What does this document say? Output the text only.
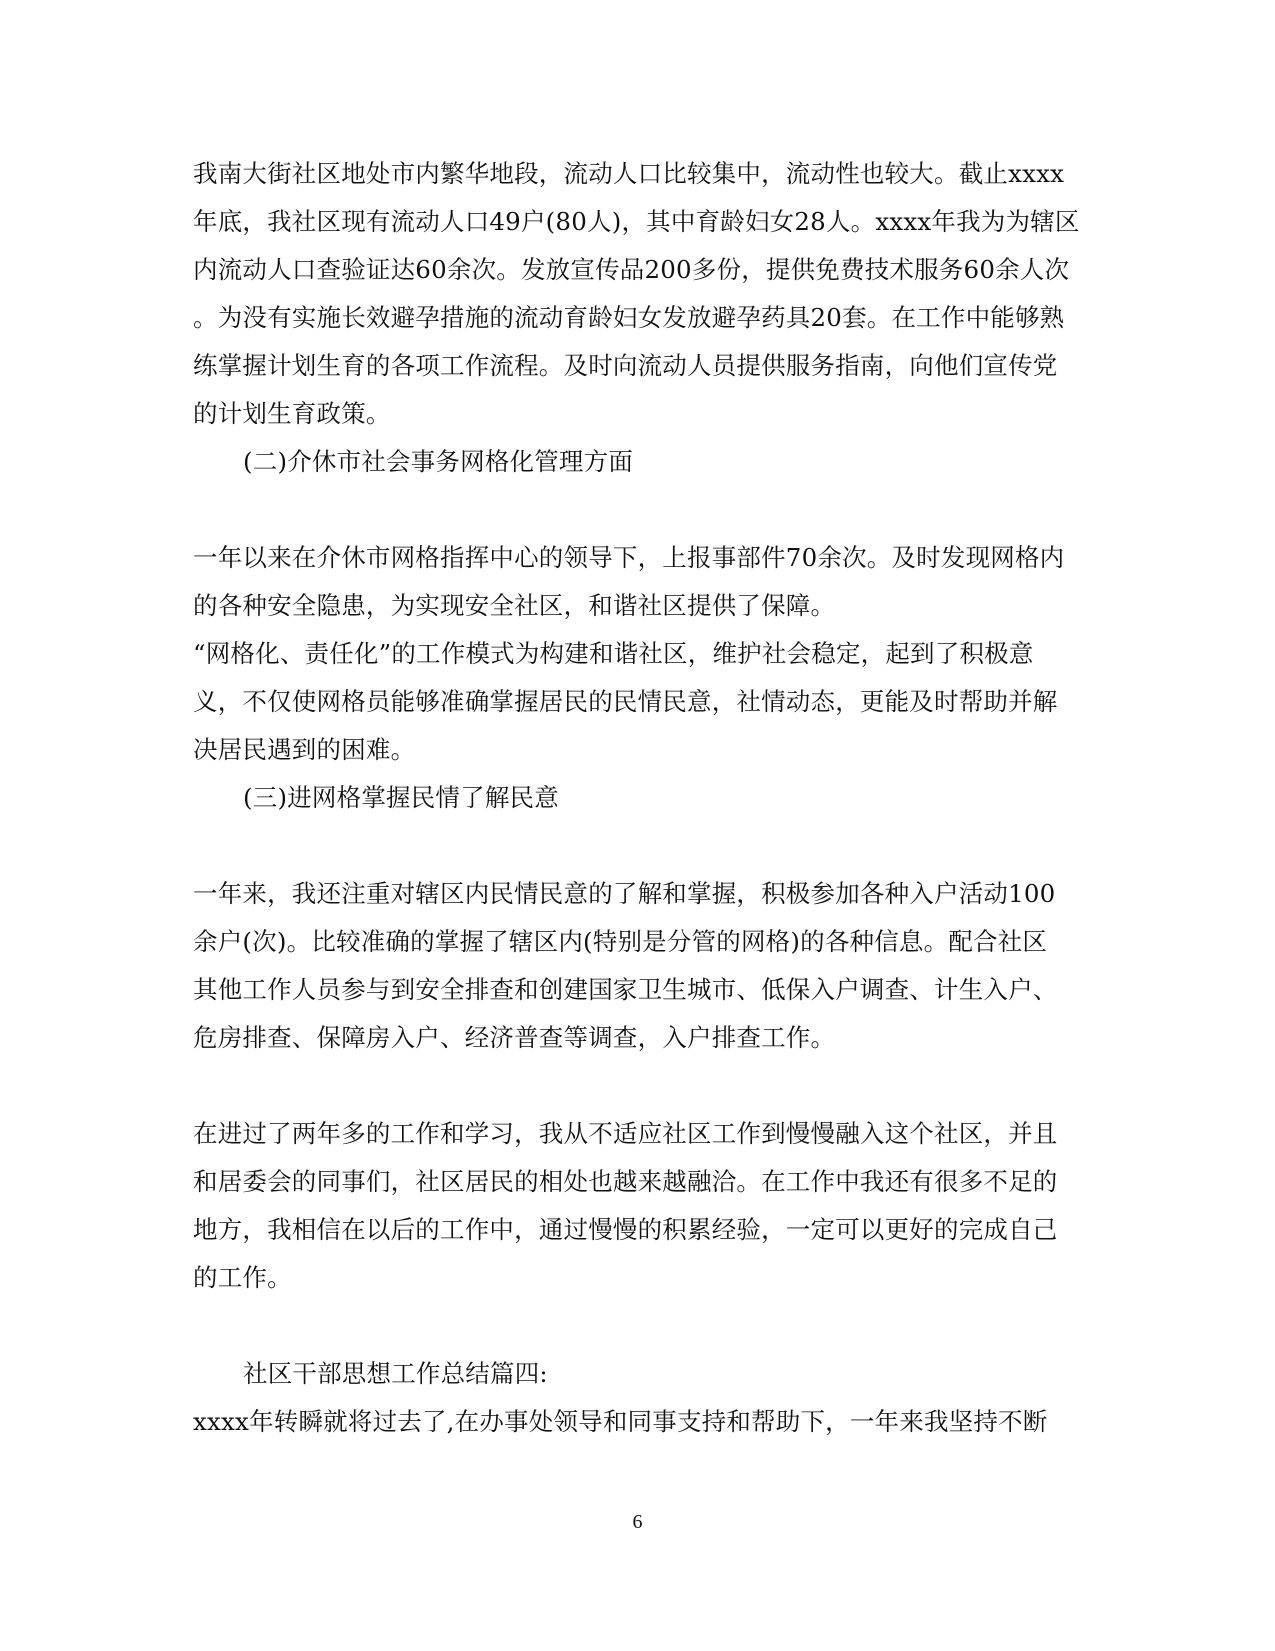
我南大街社区地处市内繁华地段，流动人口比较集中，流动性也较大。截止xxxx
年底，我社区现有流动人口49户(80人)，其中育龄妇女28人。xxxx年我为为辖区
内流动人口查验证达60余次。发放宣传品200多份，提供免费技术服务60余人次
。为没有实施长效避孕措施的流动育龄妇女发放避孕药具20套。在工作中能够熟
练掌握计划生育的各项工作流程。及时向流动人员提供服务指南，向他们宣传党
的计划生育政策。
(二)介休市社会事务网格化管理方面
一年以来在介休市网格指挥中心的领导下，上报事部件70余次。及时发现网格内
的各种安全隐患，为实现安全社区，和谐社区提供了保障。
“网格化、责任化”的工作模式为构建和谐社区，维护社会稳定，起到了积极意
义，不仅使网格员能够准确掌握居民的民情民意，社情动态，更能及时帮助并解
决居民遇到的困难。
(三)进网格掌握民情了解民意
一年来，我还注重对辖区内民情民意的了解和掌握，积极参加各种入户活动100
余户(次)。比较准确的掌握了辖区内(特别是分管的网格)的各种信息。配合社区
其他工作人员参与到安全排查和创建国家卫生城市、低保入户调查、计生入户、
危房排查、保障房入户、经济普查等调查，入户排查工作。
在进过了两年多的工作和学习，我从不适应社区工作到慢慢融入这个社区，并且
和居委会的同事们，社区居民的相处也越来越融洽。在工作中我还有很多不足的
地方，我相信在以后的工作中，通过慢慢的积累经验，一定可以更好的完成自己
的工作。
社区干部思想工作总结篇四:
xxxx年转瞬就将过去了,在办事处领导和同事支持和帮助下，一年来我坚持不断
6
